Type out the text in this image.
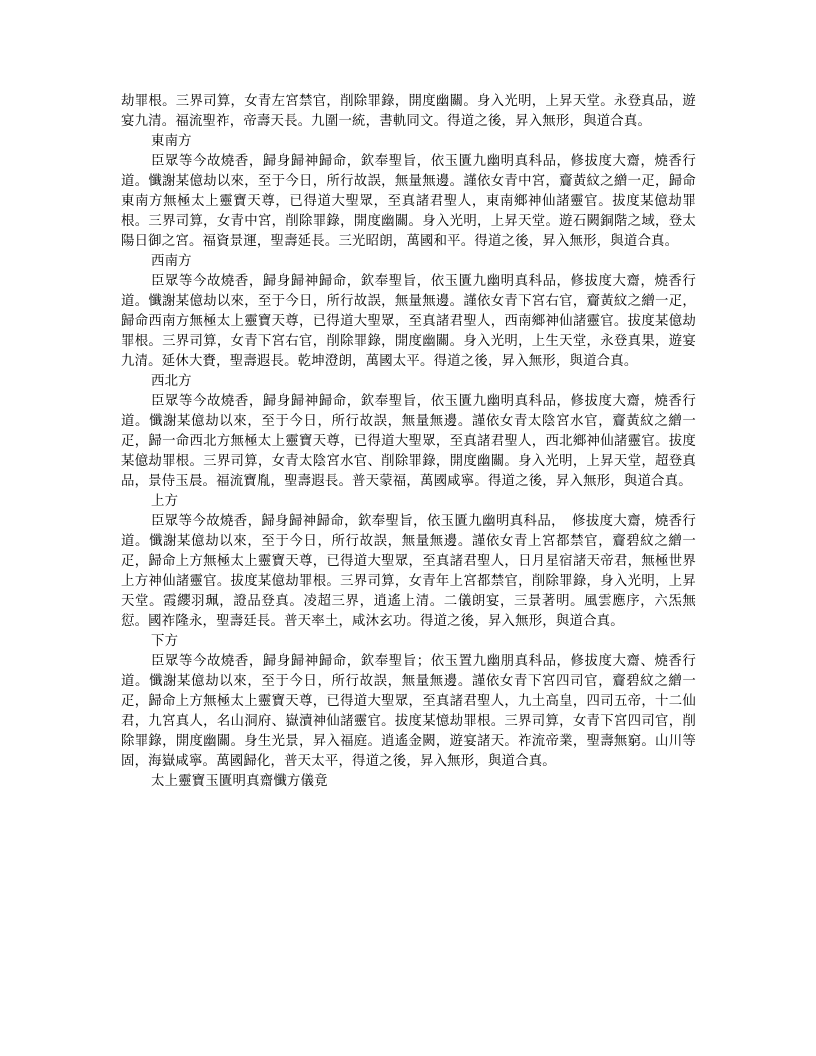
劫罪根。三界司算，女青左宮禁官，削除罪錄，開度幽關。身入光明，上昇天堂。永登真品，遊宴九清。福流聖祚，帝壽天長。九圍一統，書軌同文。得道之後，昇入無形，與道合真。

東南方

臣眾等今故燒香，歸身歸神歸命，欽奉聖旨，依玉匱九幽明真科品，修拔度大齋，燒香行道。懺謝某億劫以來，至于今日，所行故誤，無量無邊。謹依女青中宮，齎黃紋之繒一疋，歸命東南方無極太上靈寶天尊，已得道大聖眾，至真諸君聖人，東南鄉神仙諸靈官。拔度某億劫罪根。三界司算，女青中宮，削除罪錄，開度幽關。身入光明，上昇天堂。遊石闕銅階之域，登太陽日御之宮。福資景運，聖壽延長。三光昭朗，萬國和平。得道之後，昇入無形，與道合真。

西南方

臣眾等今故燒香，歸身歸神歸命，欽奉聖旨，依玉匱九幽明真科品，修拔度大齋，燒香行道。懺謝某億劫以來，至于今日，所行故誤，無量無邊。謹依女青下宮右官，齎黃紋之繒一疋，歸命西南方無極太上靈寶天尊，已得道大聖眾，至真諸君聖人，西南鄉神仙諸靈官。拔度某億劫罪根。三界司算，女青下宮右官，削除罪錄，開度幽關。身入光明，上生天堂，永登真果，遊宴九清。延休大賚，聖壽遐長。乾坤澄朗，萬國太平。得道之後，昇入無形，與道合真。

西北方

臣眾等今故燒香，歸身歸神歸命，欽奉聖旨，依玉匱九幽明真科品，修拔度大齋，燒香行道。懺謝某億劫以來，至于今日，所行故誤，無量無邊。謹依女青太陰宮水官，齎黃紋之繒一疋，歸一命西北方無極太上靈寶天尊，已得道大聖眾，至真諸君聖人，西北鄉神仙諸靈官。拔度某億劫罪根。三界司算，女青太陰宮水官、削除罪錄，開度幽關。身入光明，上昇天堂，超登真品，景侍玉晨。福流寶胤，聖壽遐長。普天蒙福，萬國咸寧。得道之後，昇入無形，與道合真。

上方

臣眾等今故燒香，歸身歸神歸命，欽奉聖旨，依玉匱九幽明真科品，　修拔度大齋，燒香行道。懺謝某億劫以來，至于今日，所行故誤，無量無邊。謹依女青上宮都禁官，齎碧紋之繒一疋，歸命上方無極太上靈寶天尊，已得道大聖眾，至真諸君聖人，日月星宿諸天帝君，無極世界上方神仙諸靈官。拔度某億劫罪根。三界司算，女青年上宮都禁官，削除罪錄，身入光明，上昇天堂。霞纓羽珮，證品登真。凌超三界，逍遙上清。二儀朗宴，三景著明。風雲應序，六炁無愆。國祚隆永，聖壽廷長。普天率土，咸沐玄功。得道之後，昇入無形，與道合真。

下方

臣眾等今故燒香，歸身歸神歸命，欽奉聖旨；依玉置九幽朋真科品，修拔度大齋、燒香行道。懺謝某億劫以來，至于今日，所行故誤，無量無邊。謹依女青下宮四司官，齎碧紋之繒一疋，歸命上方無極太上靈寶天尊，已得道大聖眾，至真諸君聖人，九土高皇，四司五帝，十二仙君，九宮真人，名山洞府、嶽瀆神仙諸靈官。拔度某憶劫罪根。三界司算，女青下宮四司官，削除罪錄，開度幽關。身生光景，昇入福庭。逍遙金闕，遊宴諸天。祚流帝業，聖壽無窮。山川等固，海嶽咸寧。萬國歸化，普天太平，得道之後，昇入無形，與道合真。

太上靈寶玉匱明真齋懺方儀竟
